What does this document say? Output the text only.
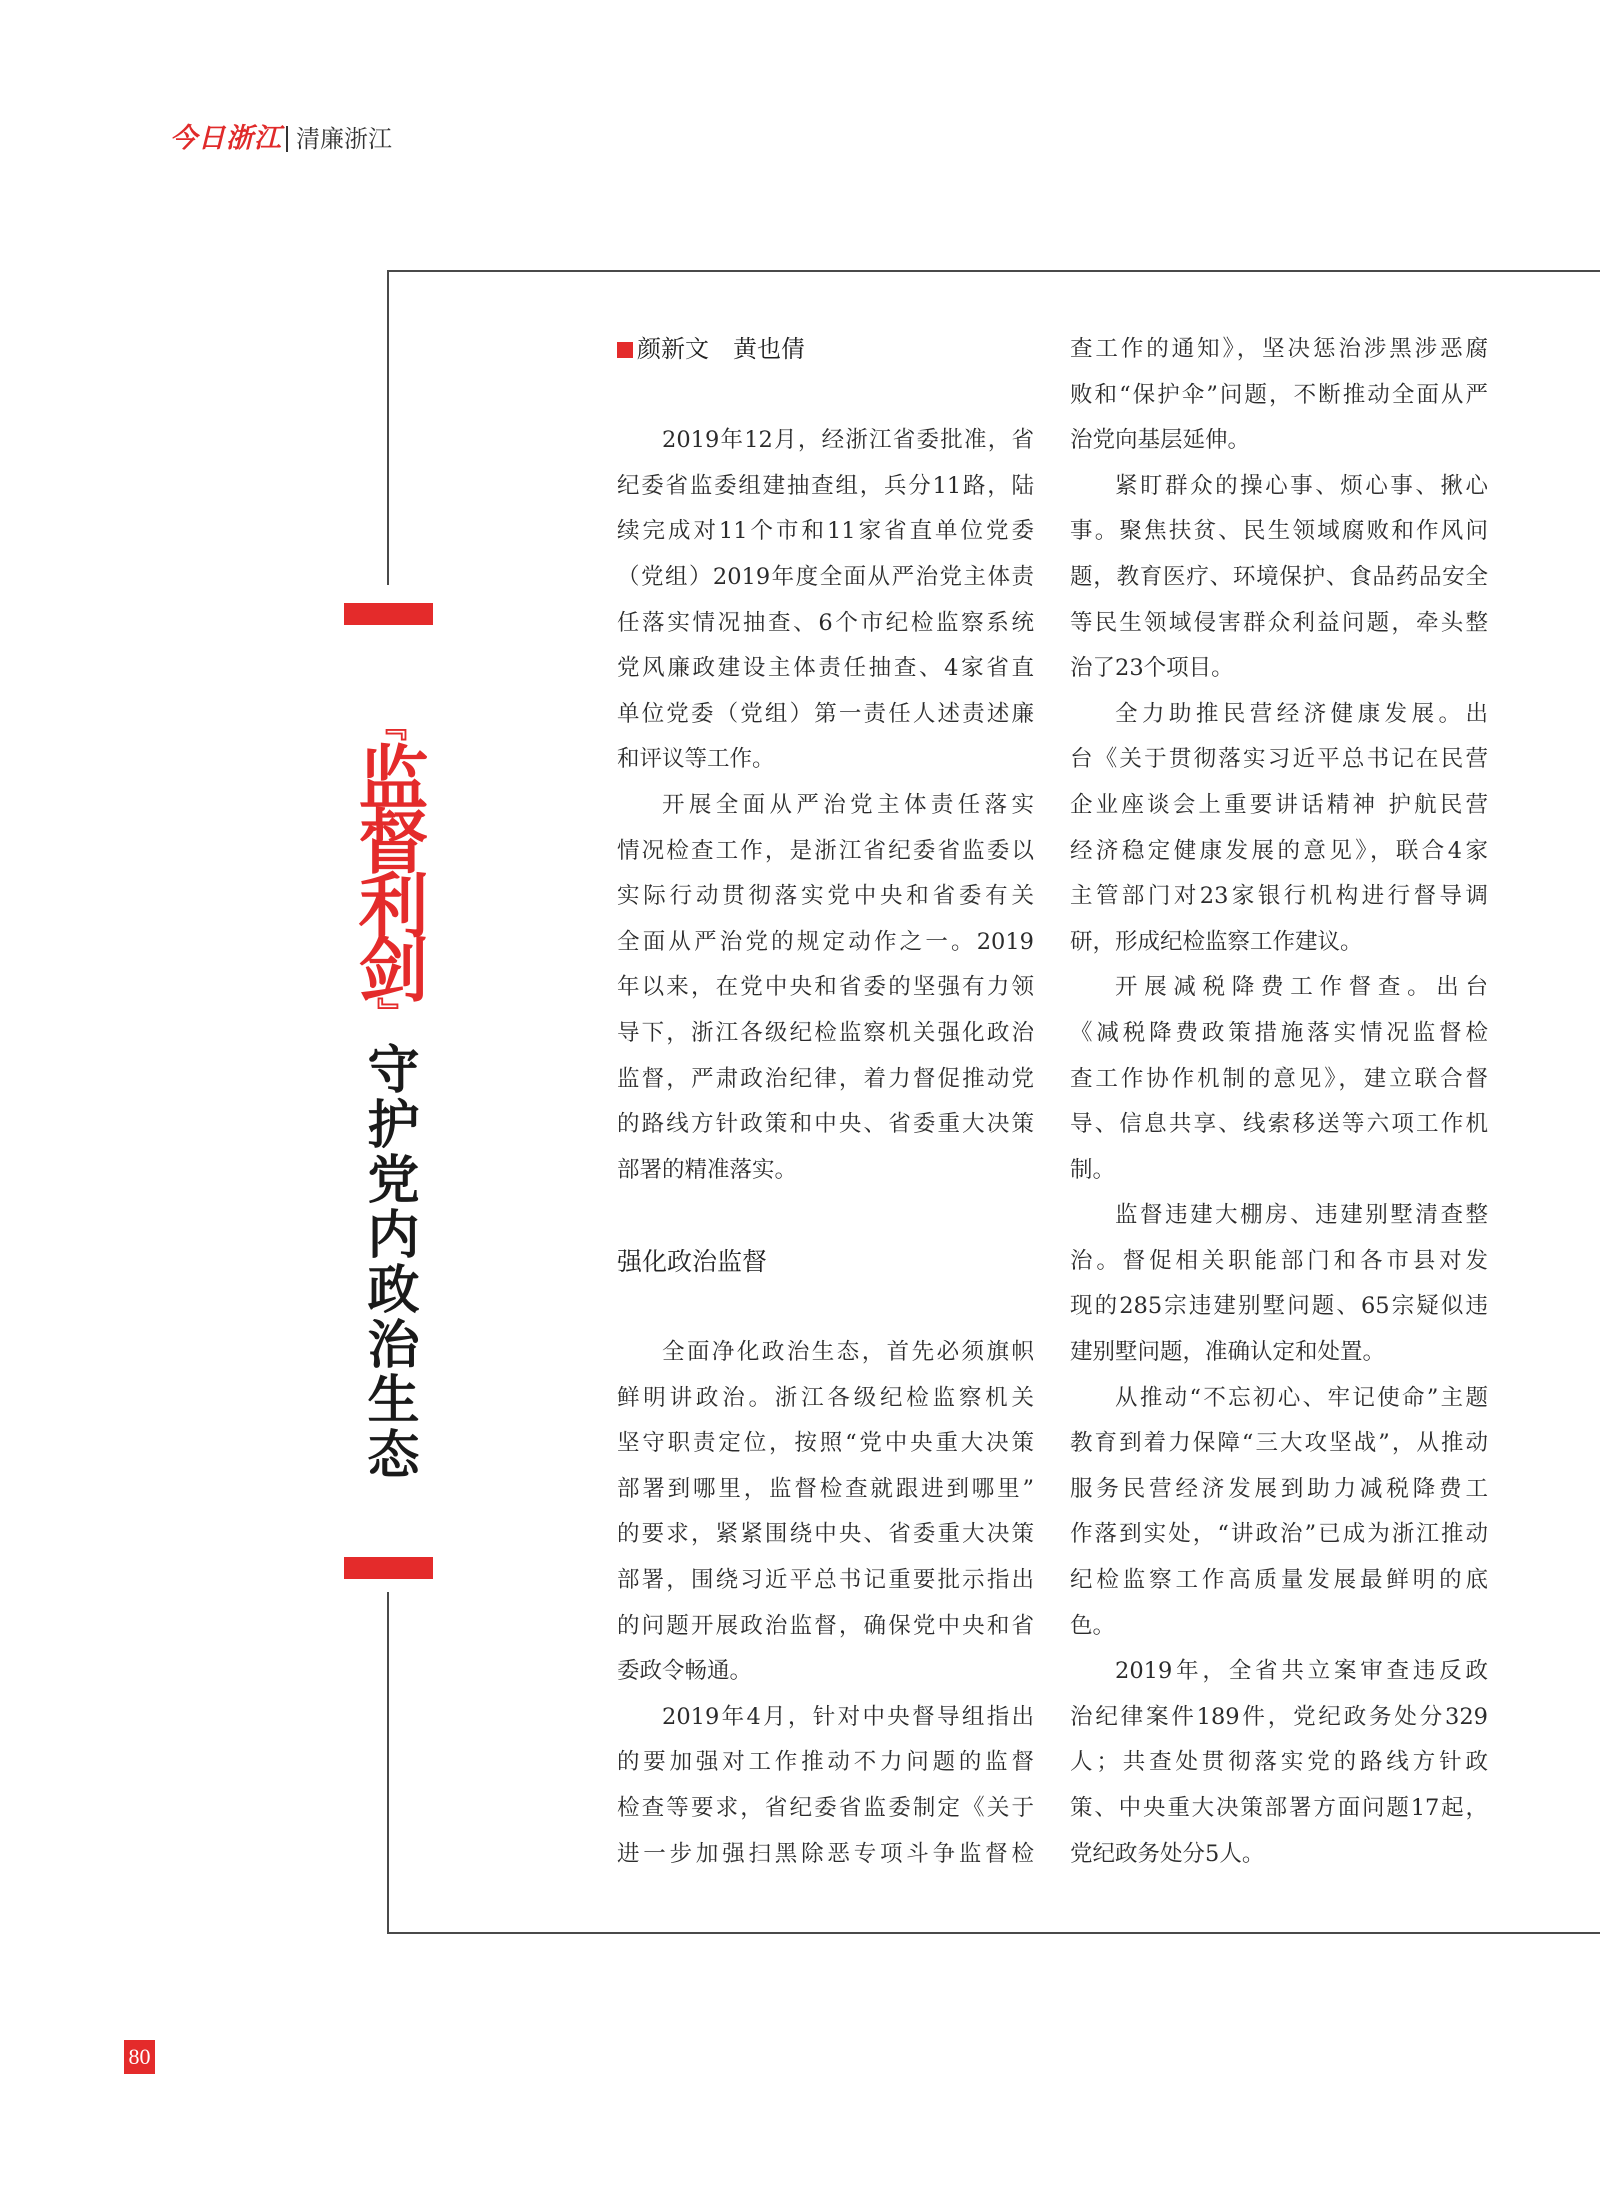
今日浙江 清廉浙江
『监督利剑』
守护党内政治生态
颜新文　黄也倩
2019年12月，经浙江省委批准，省
纪委省监委组建抽查组，兵分11路，陆
续完成对11个市和11家省直单位党委
（党组）2019年度全面从严治党主体责
任落实情况抽查、6个市纪检监察系统
党风廉政建设主体责任抽查、4家省直
单位党委（党组）第一责任人述责述廉
和评议等工作。
开展全面从严治党主体责任落实
情况检查工作，是浙江省纪委省监委以
实际行动贯彻落实党中央和省委有关
全面从严治党的规定动作之一。2019
年以来，在党中央和省委的坚强有力领
导下，浙江各级纪检监察机关强化政治
监督，严肃政治纪律，着力督促推动党
的路线方针政策和中央、省委重大决策
部署的精准落实。
强化政治监督
全面净化政治生态，首先必须旗帜
鲜明讲政治。浙江各级纪检监察机关
坚守职责定位，按照“党中央重大决策
部署到哪里，监督检查就跟进到哪里”
的要求，紧紧围绕中央、省委重大决策
部署，围绕习近平总书记重要批示指出
的问题开展政治监督，确保党中央和省
委政令畅通。
2019年4月，针对中央督导组指出
的要加强对工作推动不力问题的监督
检查等要求，省纪委省监委制定《关于
进一步加强扫黑除恶专项斗争监督检
查工作的通知》，坚决惩治涉黑涉恶腐
败和“保护伞”问题，不断推动全面从严
治党向基层延伸。
紧盯群众的操心事、烦心事、揪心
事。聚焦扶贫、民生领域腐败和作风问
题，教育医疗、环境保护、食品药品安全
等民生领域侵害群众利益问题，牵头整
治了23个项目。
全力助推民营经济健康发展。出
台《关于贯彻落实习近平总书记在民营
企业座谈会上重要讲话精神 护航民营
经济稳定健康发展的意见》，联合4家
主管部门对23家银行机构进行督导调
研，形成纪检监察工作建议。
开展减税降费工作督查。出台
《减税降费政策措施落实情况监督检
查工作协作机制的意见》，建立联合督
导、信息共享、线索移送等六项工作机
制。
监督违建大棚房、违建别墅清查整
治。督促相关职能部门和各市县对发
现的285宗违建别墅问题、65宗疑似违
建别墅问题，准确认定和处置。
从推动“不忘初心、牢记使命”主题
教育到着力保障“三大攻坚战”，从推动
服务民营经济发展到助力减税降费工
作落到实处，“讲政治”已成为浙江推动
纪检监察工作高质量发展最鲜明的底
色。
2019年，全省共立案审查违反政
治纪律案件189件，党纪政务处分329
人；共查处贯彻落实党的路线方针政
策、中央重大决策部署方面问题17起，
党纪政务处分5人。
80
